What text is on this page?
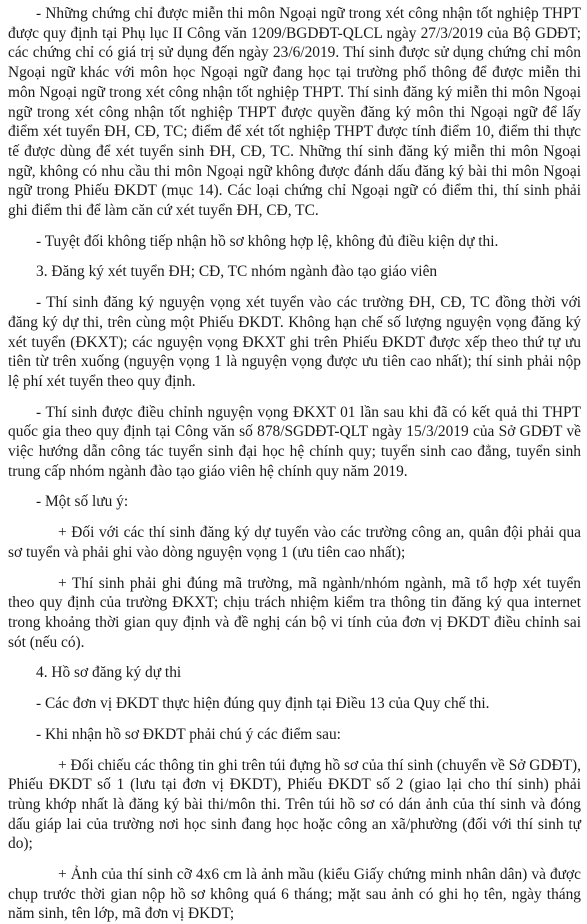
- Những chứng chỉ được miễn thi môn Ngoại ngữ trong xét công nhận tốt nghiệp THPT được quy định tại Phụ lục II Công văn 1209/BGDĐT-QLCL ngày 27/3/2019 của Bộ GDĐT; các chứng chỉ có giá trị sử dụng đến ngày 23/6/2019. Thí sinh được sử dụng chứng chỉ môn Ngoại ngữ khác với môn học Ngoại ngữ đang học tại trường phổ thông để được miễn thi môn Ngoại ngữ trong xét công nhận tốt nghiệp THPT. Thí sinh đăng ký miễn thi môn Ngoại ngữ trong xét công nhận tốt nghiệp THPT được quyền đăng ký môn thi Ngoại ngữ để lấy điểm xét tuyển ĐH, CĐ, TC; điểm để xét tốt nghiệp THPT được tính điểm 10, điểm thi thực tế được dùng để xét tuyển sinh ĐH, CĐ, TC. Những thí sinh đăng ký miễn thi môn Ngoại ngữ, không có nhu cầu thi môn Ngoại ngữ không được đánh dấu đăng ký bài thi môn Ngoại ngữ trong Phiếu ĐKDT (mục 14). Các loại chứng chỉ Ngoại ngữ có điểm thi, thí sinh phải ghi điểm thi để làm căn cứ xét tuyển ĐH, CĐ, TC.

- Tuyệt đối không tiếp nhận hồ sơ không hợp lệ, không đủ điều kiện dự thi.

3. Đăng ký xét tuyển ĐH; CĐ, TC nhóm ngành đào tạo giáo viên

- Thí sinh đăng ký nguyện vọng xét tuyển vào các trường ĐH, CĐ, TC đồng thời với đăng ký dự thi, trên cùng một Phiếu ĐKDT. Không hạn chế số lượng nguyện vọng đăng ký xét tuyển (ĐKXT); các nguyện vọng ĐKXT ghi trên Phiếu ĐKDT được xếp theo thứ tự ưu tiên từ trên xuống (nguyện vọng 1 là nguyện vọng được ưu tiên cao nhất); thí sinh phải nộp lệ phí xét tuyển theo quy định.

- Thí sinh được điều chỉnh nguyện vọng ĐKXT 01 lần sau khi đã có kết quả thi THPT quốc gia theo quy định tại Công văn số 878/SGDĐT-QLT ngày 15/3/2019 của Sở GDĐT về việc hướng dẫn công tác tuyển sinh đại học hệ chính quy; tuyển sinh cao đẳng, tuyển sinh trung cấp nhóm ngành đào tạo giáo viên hệ chính quy năm 2019.

- Một số lưu ý:

+ Đối với các thí sinh đăng ký dự tuyển vào các trường công an, quân đội phải qua sơ tuyển và phải ghi vào dòng nguyện vọng 1 (ưu tiên cao nhất);

+ Thí sinh phải ghi đúng mã trường, mã ngành/nhóm ngành, mã tổ hợp xét tuyển theo quy định của trường ĐKXT; chịu trách nhiệm kiểm tra thông tin đăng ký qua internet trong khoảng thời gian quy định và đề nghị cán bộ vi tính của đơn vị ĐKDT điều chỉnh sai sót (nếu có).

4. Hồ sơ đăng ký dự thi

- Các đơn vị ĐKDT thực hiện đúng quy định tại Điều 13 của Quy chế thi.

- Khi nhận hồ sơ ĐKDT phải chú ý các điểm sau:

+ Đối chiếu các thông tin ghi trên túi đựng hồ sơ của thí sinh (chuyển về Sở GDĐT), Phiếu ĐKDT số 1 (lưu tại đơn vị ĐKDT), Phiếu ĐKDT số 2 (giao lại cho thí sinh) phải trùng khớp nhất là đăng ký bài thi/môn thi. Trên túi hồ sơ có dán ảnh của thí sinh và đóng dấu giáp lai của trường nơi học sinh đang học hoặc công an xã/phường (đối với thí sinh tự do);

+ Ảnh của thí sinh cỡ 4x6 cm là ảnh mầu (kiểu Giấy chứng minh nhân dân) và được chụp trước thời gian nộp hồ sơ không quá 6 tháng; mặt sau ảnh có ghi họ tên, ngày tháng năm sinh, tên lớp, mã đơn vị ĐKDT;
